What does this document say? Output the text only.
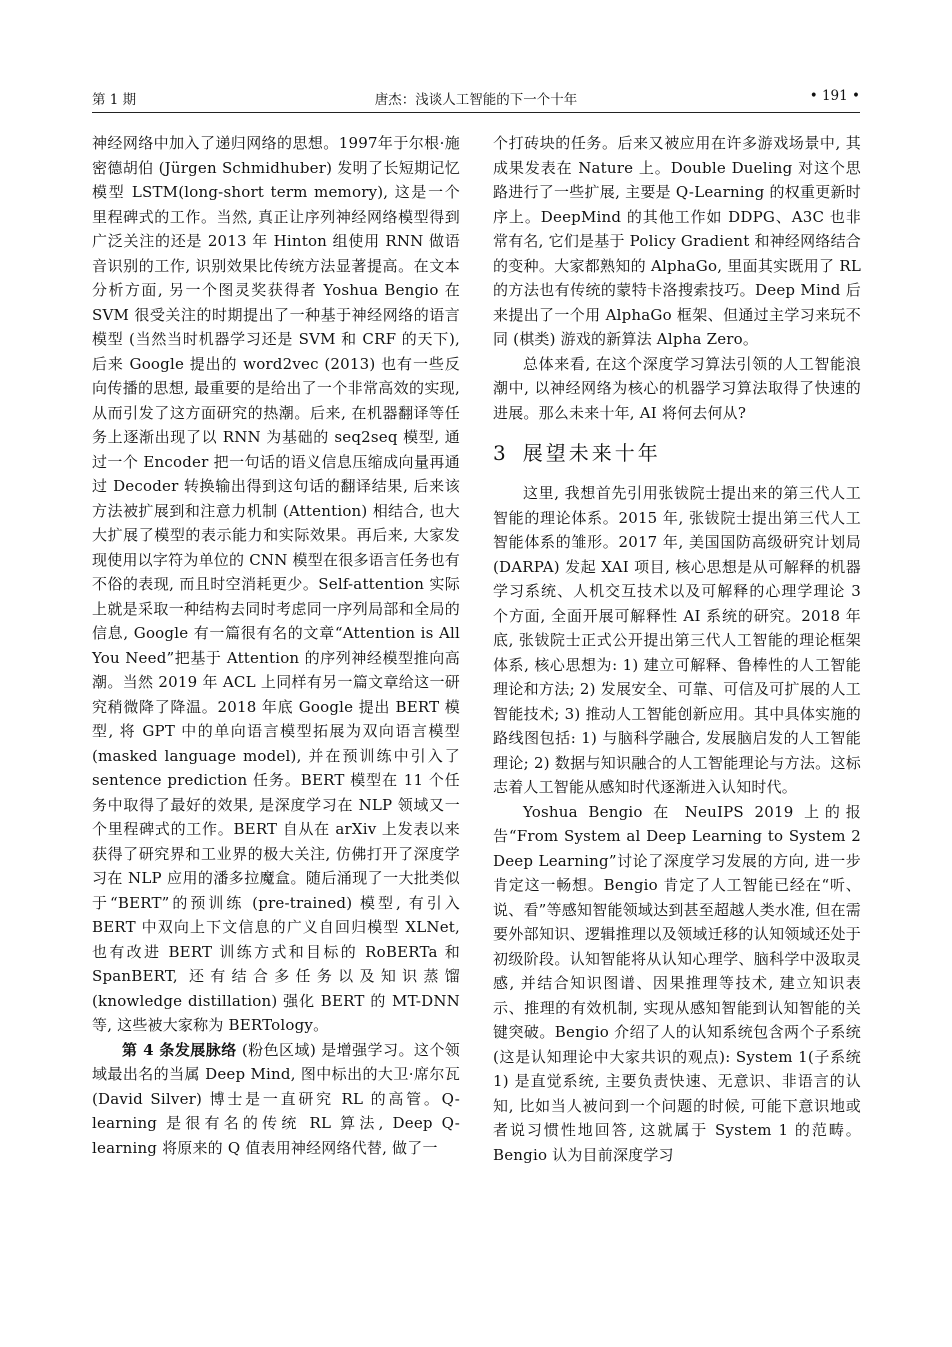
第 1 期	唐杰：浅谈人工智能的下一个十年	• 191 •

神经网络中加入了递归网络的思想。1997年于尔根·施密德胡伯 (Jürgen Schmidhuber) 发明了长短期记忆模型 LSTM(long-short term memory), 这是一个里程碑式的工作。当然, 真正让序列神经网络模型得到广泛关注的还是 2013 年 Hinton 组使用 RNN 做语音识别的工作, 识别效果比传统方法显著提高。在文本分析方面, 另一个图灵奖获得者 Yoshua Bengio 在 SVM 很受关注的时期提出了一种基于神经网络的语言模型 (当然当时机器学习还是 SVM 和 CRF 的天下), 后来 Google 提出的 word2vec (2013) 也有一些反向传播的思想, 最重要的是给出了一个非常高效的实现, 从而引发了这方面研究的热潮。后来, 在机器翻译等任务上逐渐出现了以 RNN 为基础的 seq2seq 模型, 通过一个 Encoder 把一句话的语义信息压缩成向量再通过 Decoder 转换输出得到这句话的翻译结果, 后来该方法被扩展到和注意力机制 (Attention) 相结合, 也大大扩展了模型的表示能力和实际效果。再后来, 大家发现使用以字符为单位的 CNN 模型在很多语言任务也有不俗的表现, 而且时空消耗更少。Self-attention 实际上就是采取一种结构去同时考虑同一序列局部和全局的信息, Google 有一篇很有名的文章“Attention is All You Need”把基于 Attention 的序列神经模型推向高潮。当然 2019 年 ACL 上同样有另一篇文章给这一研究稍微降了降温。2018 年底 Google 提出 BERT 模型, 将 GPT 中的单向语言模型拓展为双向语言模型 (masked language model), 并在预训练中引入了 sentence prediction 任务。BERT 模型在 11 个任务中取得了最好的效果, 是深度学习在 NLP 领域又一个里程碑式的工作。BERT 自从在 arXiv 上发表以来获得了研究界和工业界的极大关注, 仿佛打开了深度学习在 NLP 应用的潘多拉魔盒。随后涌现了一大批类似于“BERT”的预训练 (pre-trained) 模型, 有引入 BERT 中双向上下文信息的广义自回归模型 XLNet, 也有改进 BERT 训练方式和目标的 RoBERTa 和 SpanBERT, 还有结合多任务以及知识蒸馏 (knowledge distillation) 强化 BERT 的 MT-DNN 等, 这些被大家称为 BERTology。

第 4 条发展脉络 (粉色区域) 是增强学习。这个领域最出名的当属 Deep Mind, 图中标出的大卫·席尔瓦 (David Silver) 博士是一直研究 RL 的高管。Q-learning 是很有名的传统 RL 算法, Deep Q-learning 将原来的 Q 值表用神经网络代替, 做了一

个打砖块的任务。后来又被应用在许多游戏场景中, 其成果发表在 Nature 上。Double Dueling 对这个思路进行了一些扩展, 主要是 Q-Learning 的权重更新时序上。DeepMind 的其他工作如 DDPG、A3C 也非常有名, 它们是基于 Policy Gradient 和神经网络结合的变种。大家都熟知的 AlphaGo, 里面其实既用了 RL 的方法也有传统的蒙特卡洛搜索技巧。Deep Mind 后来提出了一个用 AlphaGo 框架、但通过主学习来玩不同 (棋类) 游戏的新算法 Alpha Zero。

总体来看, 在这个深度学习算法引领的人工智能浪潮中, 以神经网络为核心的机器学习算法取得了快速的进展。那么未来十年, AI 将何去何从?

3 展望未来十年

这里, 我想首先引用张钹院士提出来的第三代人工智能的理论体系。2015 年, 张钹院士提出第三代人工智能体系的雏形。2017 年, 美国国防高级研究计划局 (DARPA) 发起 XAI 项目, 核心思想是从可解释的机器学习系统、人机交互技术以及可解释的心理学理论 3 个方面, 全面开展可解释性 AI 系统的研究。2018 年底, 张钹院士正式公开提出第三代人工智能的理论框架体系, 核心思想为: 1) 建立可解释、鲁棒性的人工智能理论和方法; 2) 发展安全、可靠、可信及可扩展的人工智能技术; 3) 推动人工智能创新应用。其中具体实施的路线图包括: 1) 与脑科学融合, 发展脑启发的人工智能理论; 2) 数据与知识融合的人工智能理论与方法。这标志着人工智能从感知时代逐渐进入认知时代。

Yoshua Bengio 在 NeuIPS 2019 上的报告“From System al Deep Learning to System 2 Deep Learning”讨论了深度学习发展的方向, 进一步肯定这一畅想。Bengio 肯定了人工智能已经在“听、说、看”等感知智能领域达到甚至超越人类水准, 但在需要外部知识、逻辑推理以及领域迁移的认知领域还处于初级阶段。认知智能将从认知心理学、脑科学中汲取灵感, 并结合知识图谱、因果推理等技术, 建立知识表示、推理的有效机制, 实现从感知智能到认知智能的关键突破。Bengio 介绍了人的认知系统包含两个子系统 (这是认知理论中大家共识的观点): System 1(子系统 1) 是直觉系统, 主要负责快速、无意识、非语言的认知, 比如当人被问到一个问题的时候, 可能下意识地或者说习惯性地回答, 这就属于 System 1 的范畴。Bengio 认为目前深度学习
